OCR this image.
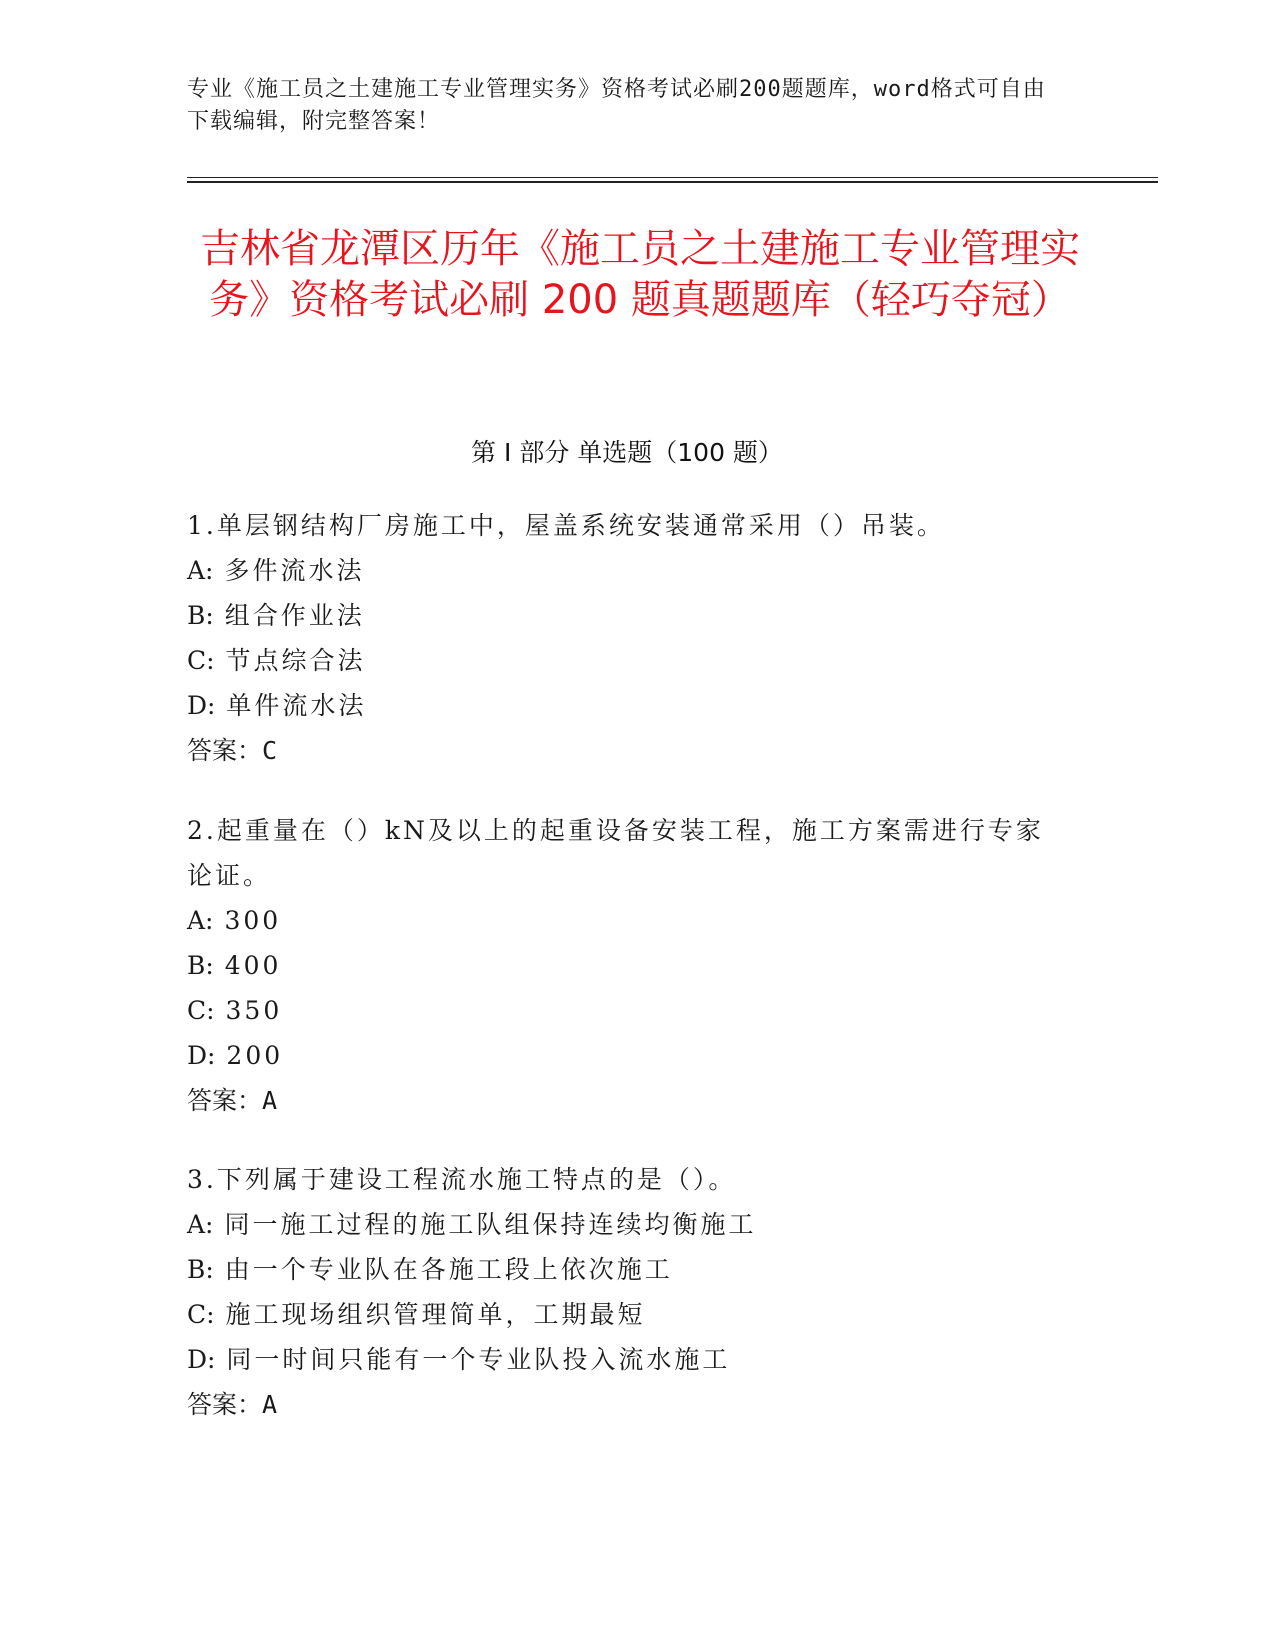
专业《施工员之土建施工专业管理实务》资格考试必刷200题题库，word格式可自由下载编辑，附完整答案！
吉林省龙潭区历年《施工员之土建施工专业管理实务》资格考试必刷 200 题真题题库（轻巧夺冠）
第 I 部分 单选题（100 题）
1.单层钢结构厂房施工中，屋盖系统安装通常采用（）吊装。
A: 多件流水法
B: 组合作业法
C: 节点综合法
D: 单件流水法
答案：C
2.起重量在（）kN及以上的起重设备安装工程，施工方案需进行专家论证。
A: 300
B: 400
C: 350
D: 200
答案：A
3.下列属于建设工程流水施工特点的是（）。
A: 同一施工过程的施工队组保持连续均衡施工
B: 由一个专业队在各施工段上依次施工
C: 施工现场组织管理简单，工期最短
D: 同一时间只能有一个专业队投入流水施工
答案：A
